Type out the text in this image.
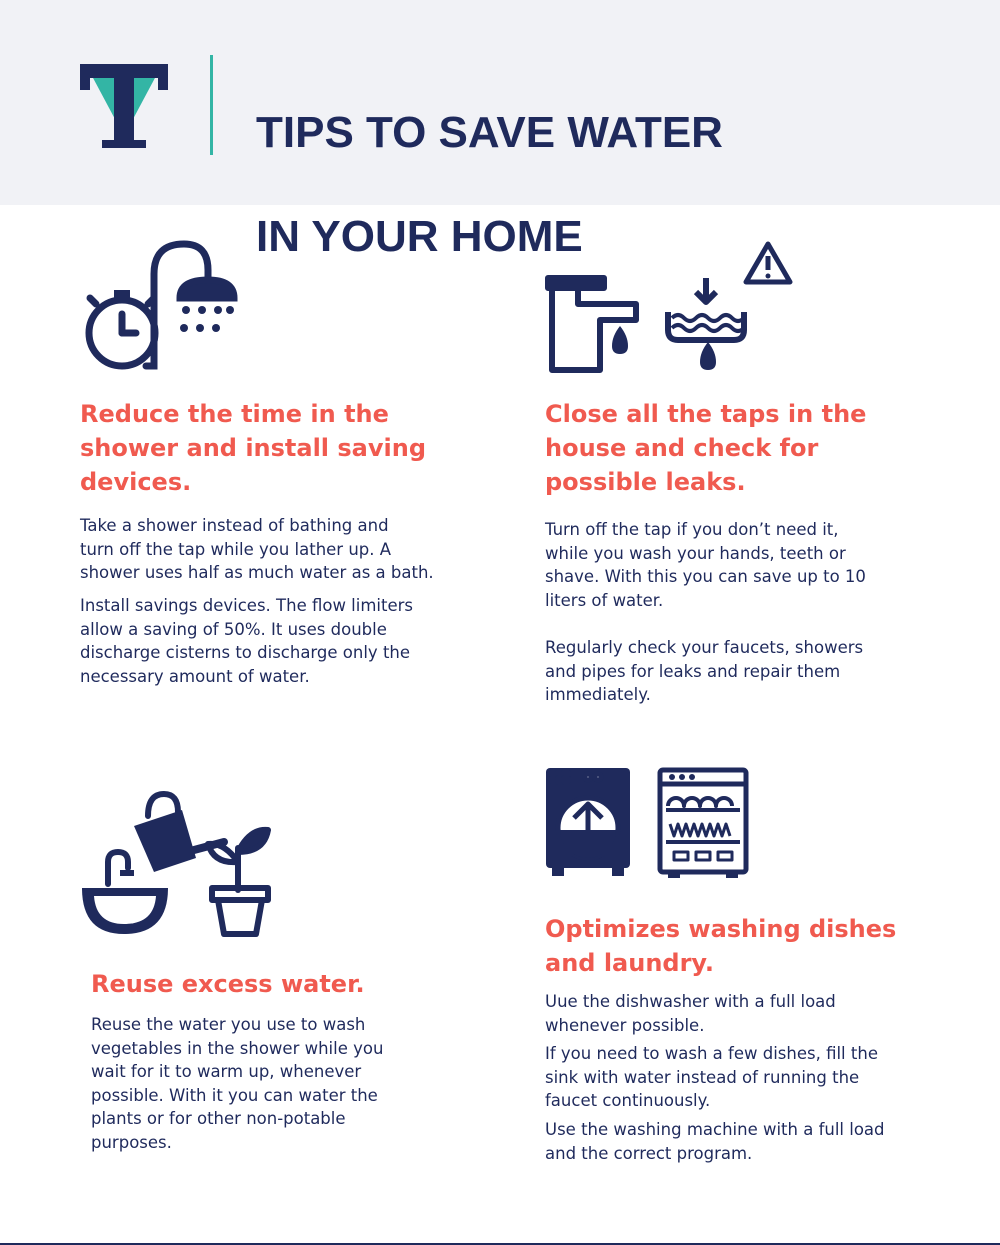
TIPS TO SAVE WATER

IN YOUR HOME

Reduce the time in the
shower and install saving
devices.
Take a shower instead of bathing and
turn off the tap while you lather up. A
shower uses half as much water as a bath.
Install savings devices. The flow limiters
allow a saving of 50%. It uses double
discharge cisterns to discharge only the
necessary amount of water.
Close all the taps in the
house and check for
possible leaks.
Turn off the tap if you don’t need it,
while you wash your hands, teeth or
shave. With this you can save up to 10
liters of water.
Regularly check your faucets, showers
and pipes for leaks and repair them
immediately.
Reuse excess water.
Reuse the water you use to wash
vegetables in the shower while you
wait for it to warm up, whenever
possible. With it you can water the
plants or for other non-potable
purposes.
Optimizes washing dishes
and laundry.
Uue the dishwasher with a full load
whenever possible.
If you need to wash a few dishes, fill the
sink with water instead of running the
faucet continuously.
Use the washing machine with a full load
and the correct program.
